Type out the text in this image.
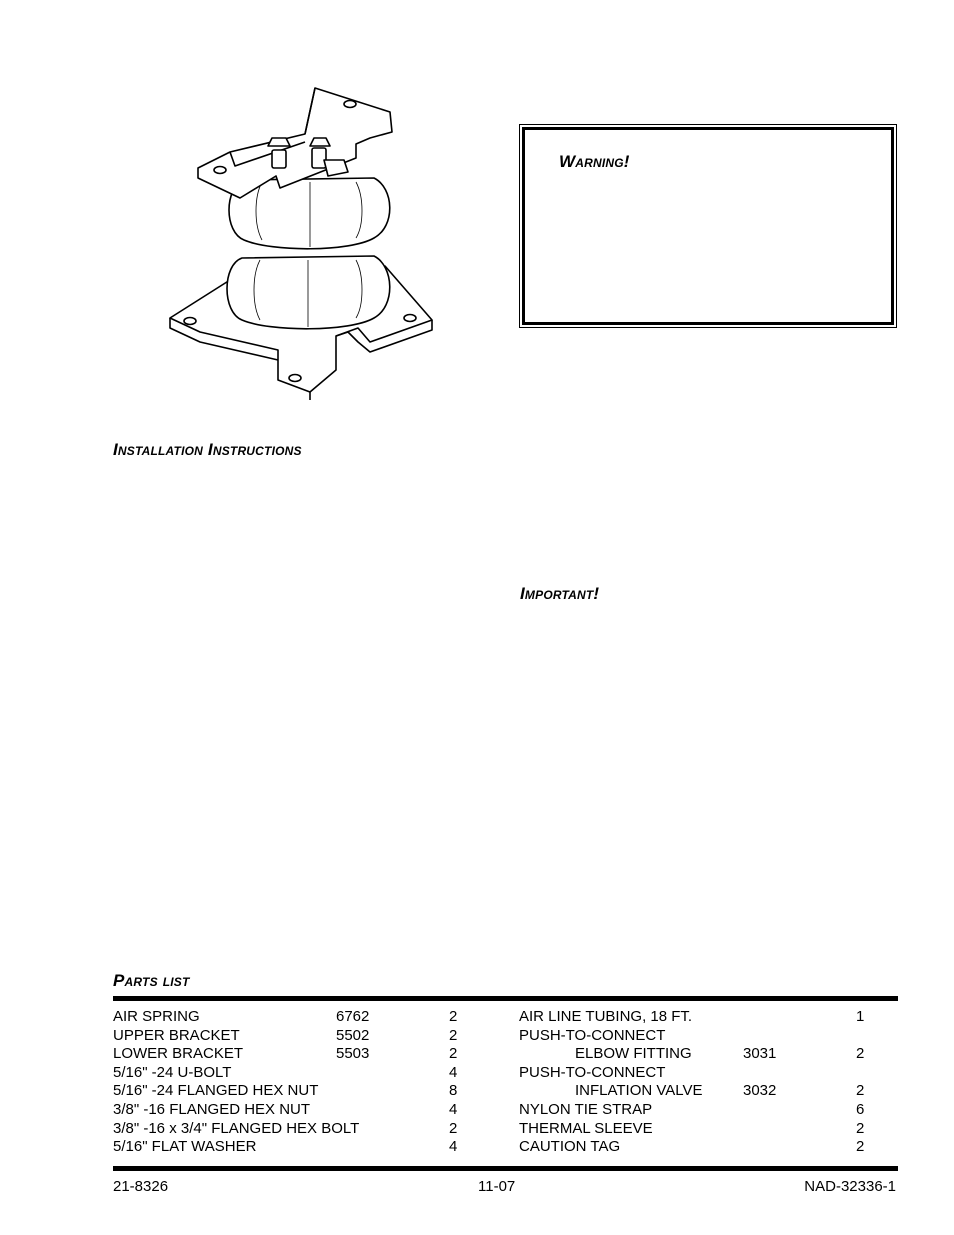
Warning!
Installation Instructions
Important!
Parts list
AIR SPRING	6762	2
UPPER BRACKET	5502	2
LOWER BRACKET	5503	2
5/16" -24 U-BOLT	4
5/16" -24 FLANGED HEX NUT	8
3/8" -16 FLANGED HEX NUT	4
3/8" -16 x 3/4" FLANGED HEX BOLT	2
5/16" FLAT WASHER	4
AIR LINE TUBING, 18 FT.	1
PUSH-TO-CONNECT
ELBOW FITTING	3031	2
PUSH-TO-CONNECT
INFLATION VALVE	3032	2
NYLON TIE STRAP	6
THERMAL SLEEVE	2
CAUTION TAG	2
21-8326	11-07	NAD-32336-1
